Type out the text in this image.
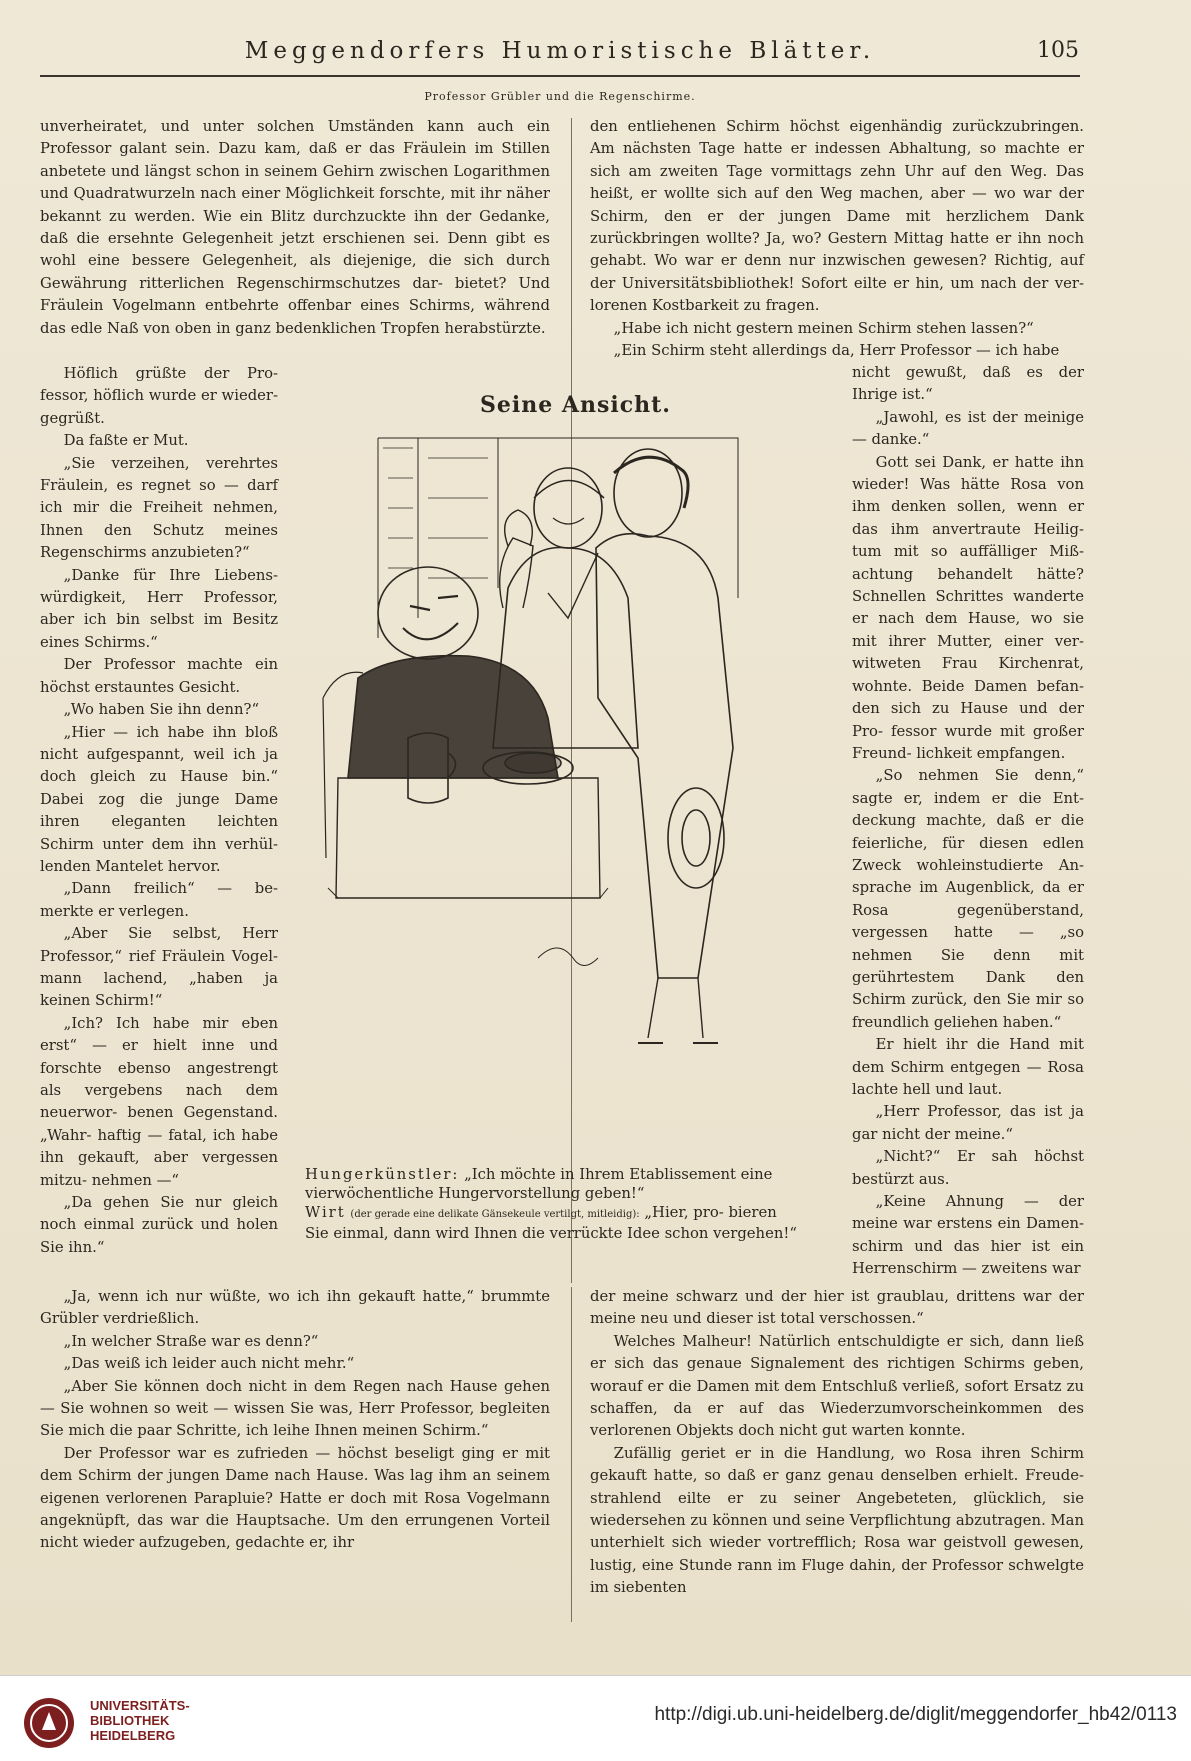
Meggendorfers Humoristische Blätter.	105
Professor Grübler und die Regenschirme.

unverheiratet, und unter solchen Umständen kann auch ein Professor galant sein. Dazu kam, daß er das Fräulein im Stillen anbetete und längst schon in seinem Gehirn zwischen Logarithmen und Quadratwurzeln nach einer Möglichkeit forschte, mit ihr näher bekannt zu werden. Wie ein Blitz durchzuckte ihn der Gedanke, daß die ersehnte Gelegenheit jetzt erschienen sei. Denn gibt es wohl eine bessere Gelegenheit, als diejenige, die sich durch Gewährung ritterlichen Regenschirmschutzes dar- bietet? Und Fräulein Vogelmann entbehrte offenbar eines Schirms, während das edle Naß von oben in ganz bedenklichen Tropfen herabstürzte.

Höflich grüßte der Pro- fessor, höflich wurde er wieder- gegrüßt.

Da faßte er Mut.

„Sie verzeihen, verehrtes Fräulein, es regnet so — darf ich mir die Freiheit nehmen, Ihnen den Schutz meines Regenschirms anzubieten?“

„Danke für Ihre Liebens- würdigkeit, Herr Professor, aber ich bin selbst im Besitz eines Schirms.“

Der Professor machte ein höchst erstauntes Gesicht.

„Wo haben Sie ihn denn?“

„Hier — ich habe ihn bloß nicht aufgespannt, weil ich ja doch gleich zu Hause bin.“ Dabei zog die junge Dame ihren eleganten leichten Schirm unter dem ihn verhül- lenden Mantelet hervor.

„Dann freilich“ — be- merkte er verlegen.

„Aber Sie selbst, Herr Professor,“ rief Fräulein Vogel- mann lachend, „haben ja keinen Schirm!“

„Ich? Ich habe mir eben erst“ — er hielt inne und forschte ebenso angestrengt als vergebens nach dem neuerwor- benen Gegenstand. „Wahr- haftig — fatal, ich habe ihn gekauft, aber vergessen mitzu- nehmen —“

„Da gehen Sie nur gleich noch einmal zurück und holen Sie ihn.“

„Ja, wenn ich nur wüßte, wo ich ihn gekauft hatte,“ brummte Grübler verdrießlich.

„In welcher Straße war es denn?“

„Das weiß ich leider auch nicht mehr.“

„Aber Sie können doch nicht in dem Regen nach Hause gehen — Sie wohnen so weit — wissen Sie was, Herr Professor, begleiten Sie mich die paar Schritte, ich leihe Ihnen meinen Schirm.“

Der Professor war es zufrieden — höchst beseligt ging er mit dem Schirm der jungen Dame nach Hause. Was lag ihm an seinem eigenen verlorenen Parapluie? Hatte er doch mit Rosa Vogelmann angeknüpft, das war die Hauptsache. Um den errungenen Vorteil nicht wieder aufzugeben, gedachte er, ihr

den entliehenen Schirm höchst eigenhändig zurückzubringen. Am nächsten Tage hatte er indessen Abhaltung, so machte er sich am zweiten Tage vormittags zehn Uhr auf den Weg. Das heißt, er wollte sich auf den Weg machen, aber — wo war der Schirm, den er der jungen Dame mit herzlichem Dank zurückbringen wollte? Ja, wo? Gestern Mittag hatte er ihn noch gehabt. Wo war er denn nur inzwischen gewesen? Richtig, auf der Universitätsbibliothek! Sofort eilte er hin, um nach der ver- lorenen Kostbarkeit zu fragen.

„Habe ich nicht gestern meinen Schirm stehen lassen?“

„Ein Schirm steht allerdings da, Herr Professor — ich habe

nicht gewußt, daß es der Ihrige ist.“

„Jawohl, es ist der meinige — danke.“

Gott sei Dank, er hatte ihn wieder! Was hätte Rosa von ihm denken sollen, wenn er das ihm anvertraute Heilig- tum mit so auffälliger Miß- achtung behandelt hätte? Schnellen Schrittes wanderte er nach dem Hause, wo sie mit ihrer Mutter, einer ver- witweten Frau Kirchenrat, wohnte. Beide Damen befan- den sich zu Hause und der Pro- fessor wurde mit großer Freund- lichkeit empfangen.

„So nehmen Sie denn,“ sagte er, indem er die Ent- deckung machte, daß er die feierliche, für diesen edlen Zweck wohleinstudierte An- sprache im Augenblick, da er Rosa gegenüberstand, vergessen hatte — „so nehmen Sie denn mit gerührtestem Dank den Schirm zurück, den Sie mir so freundlich geliehen haben.“

Er hielt ihr die Hand mit dem Schirm entgegen — Rosa lachte hell und laut.

„Herr Professor, das ist ja gar nicht der meine.“

„Nicht?“ Er sah höchst bestürzt aus.

„Keine Ahnung — der meine war erstens ein Damen- schirm und das hier ist ein Herrenschirm — zweitens war

der meine schwarz und der hier ist graublau, drittens war der meine neu und dieser ist total verschossen.“

Welches Malheur! Natürlich entschuldigte er sich, dann ließ er sich das genaue Signalement des richtigen Schirms geben, worauf er die Damen mit dem Entschluß verließ, sofort Ersatz zu schaffen, da er auf das Wiederzumvorscheinkommen des verlorenen Objekts doch nicht gut warten konnte.

Zufällig geriet er in die Handlung, wo Rosa ihren Schirm gekauft hatte, so daß er ganz genau denselben erhielt. Freude- strahlend eilte er zu seiner Angebeteten, glücklich, sie wiedersehen zu können und seine Verpflichtung abzutragen. Man unterhielt sich wieder vortrefflich; Rosa war geistvoll gewesen, lustig, eine Stunde rann im Fluge dahin, der Professor schwelgte im siebenten

Seine Ansicht.
Hungerkünstler: „Ich möchte in Ihrem Etablissement eine vierwöchentliche Hungervorstellung geben!“
Wirt (der gerade eine delikate Gänsekeule vertilgt, mitleidig): „Hier, pro- bieren Sie einmal, dann wird Ihnen die verrückte Idee schon vergehen!“
UNIVERSITÄTS-
BIBLIOTHEK
HEIDELBERG
http://digi.ub.uni-heidelberg.de/diglit/meggendorfer_hb42/0113
